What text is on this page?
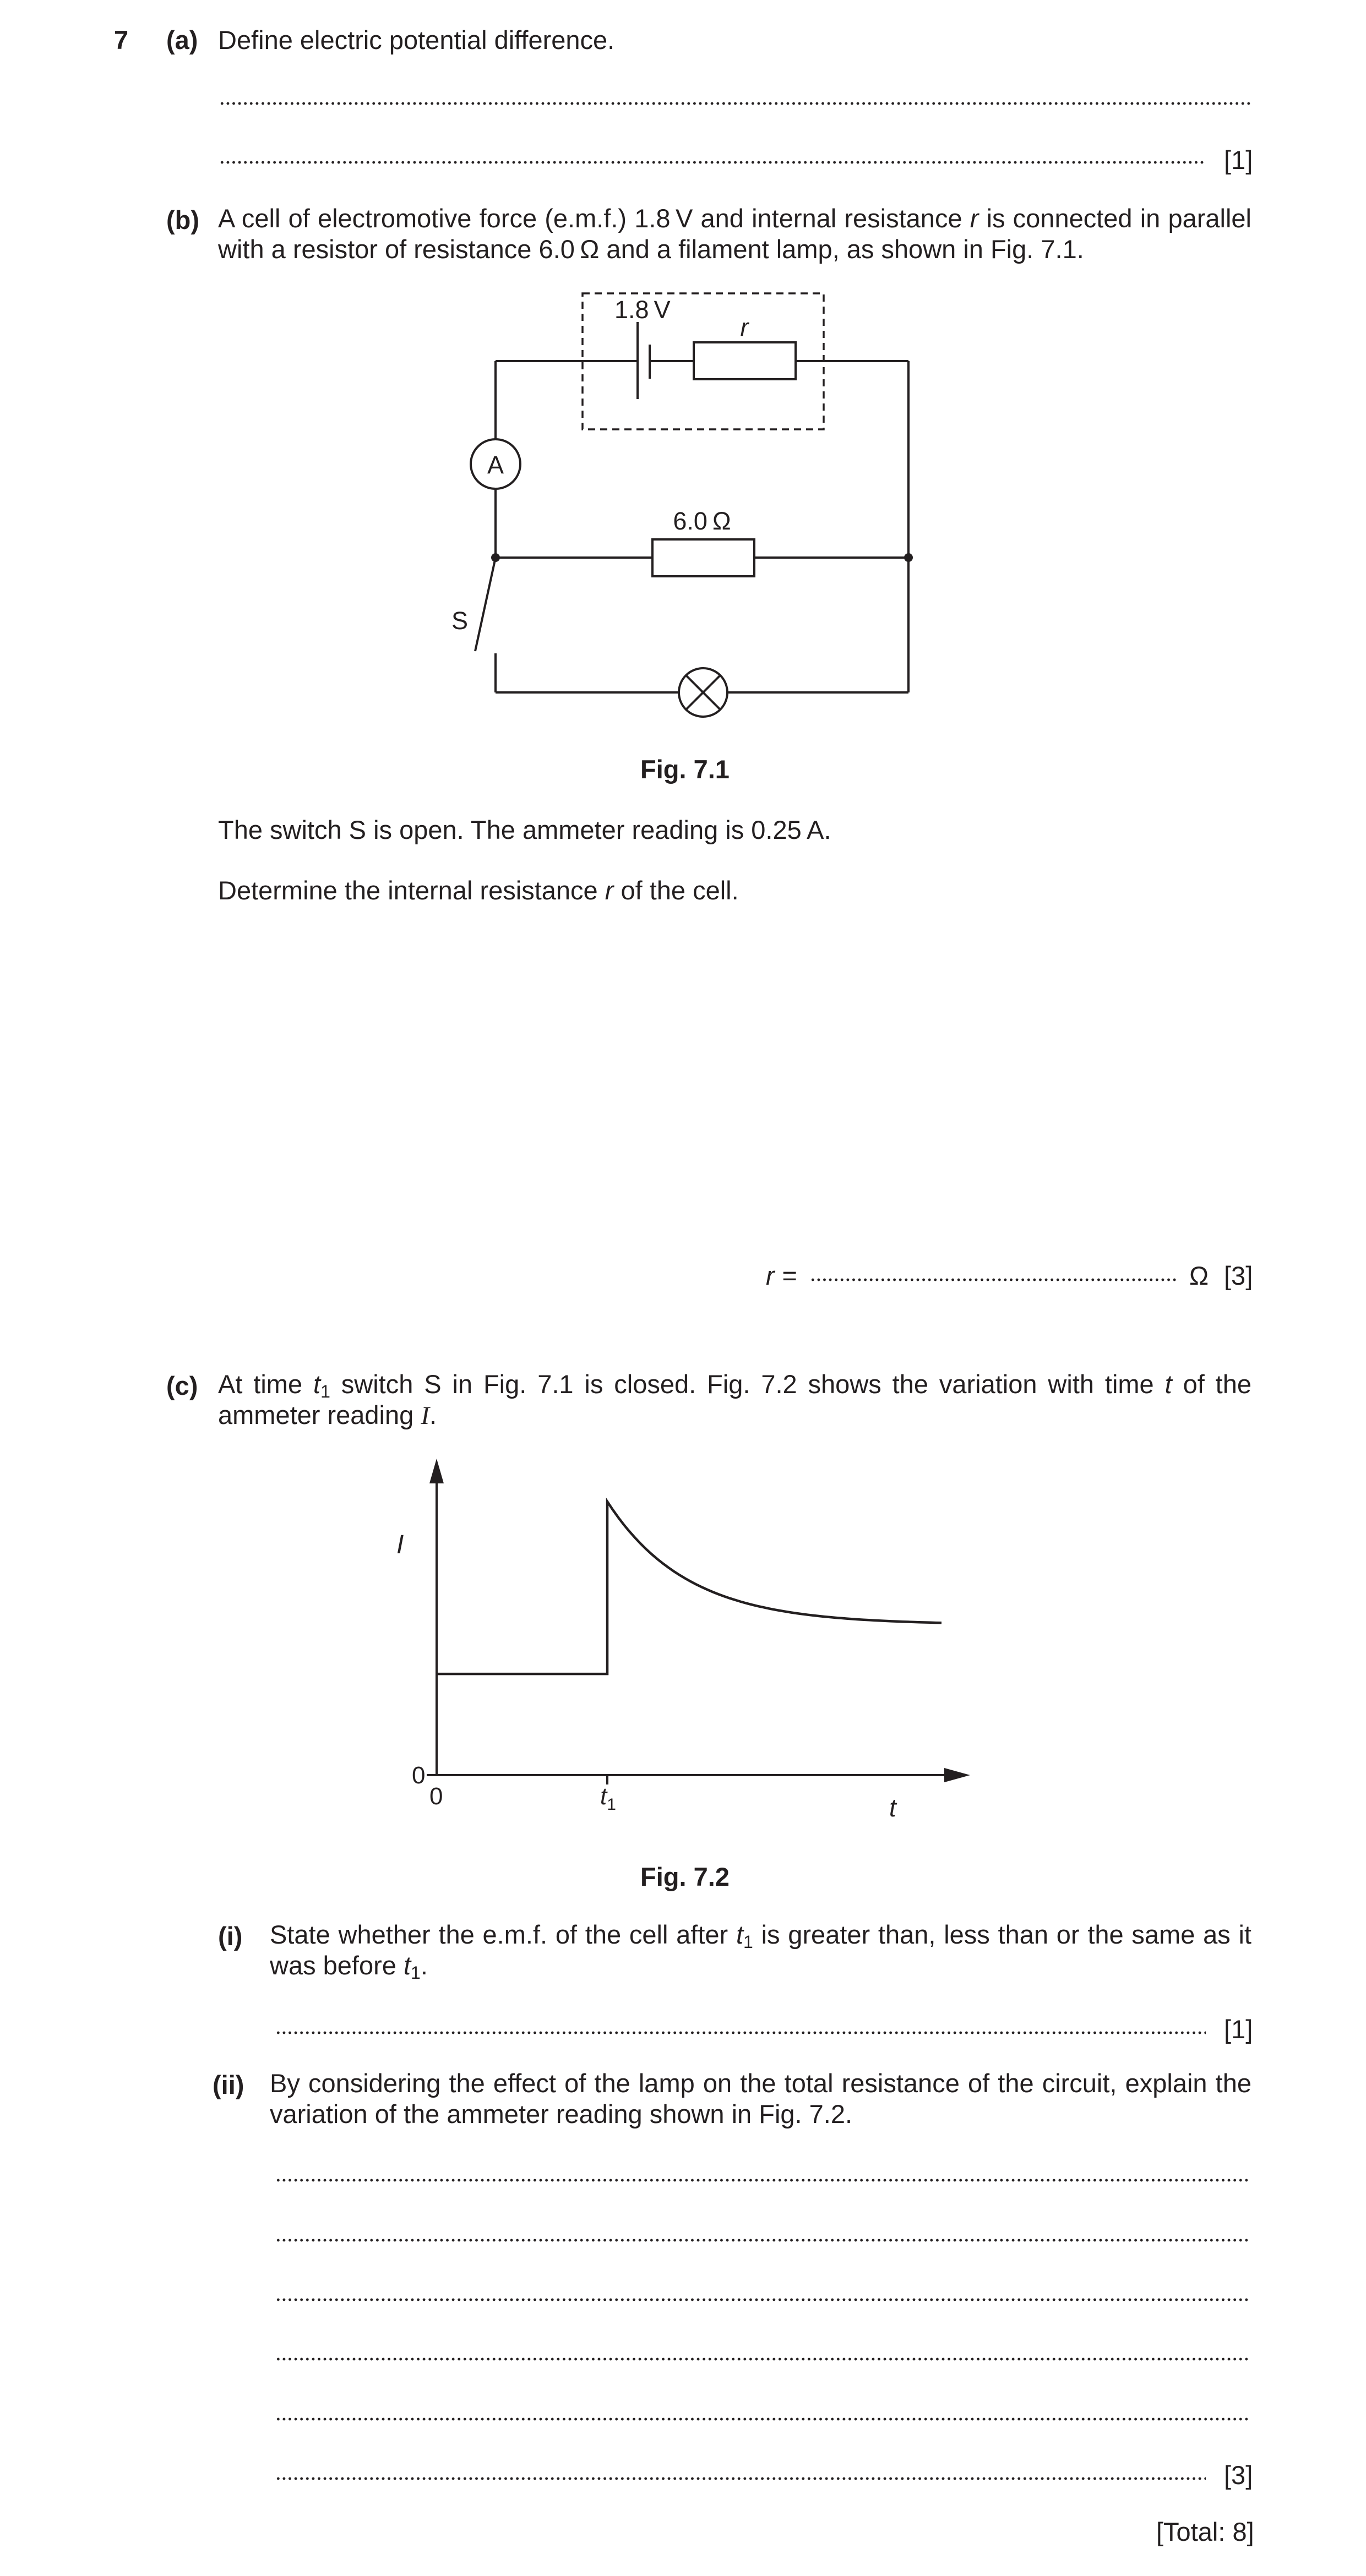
7 (a) Define electric potential difference.
[1]
(b) A cell of electromotive force (e.m.f.) 1.8 V and internal resistance r is connected in parallel with a resistor of resistance 6.0 Ω and a filament lamp, as shown in Fig. 7.1.
1.8 V
r
A
6.0 Ω
S
Fig. 7.1
The switch S is open. The ammeter reading is 0.25 A.
Determine the internal resistance r of the cell.
r =	Ω [3]
(c) At time $t_1$ switch S in Fig. 7.1 is closed. Fig. 7.2 shows the variation with time t of the ammeter reading I.
I
t
0
0	$t_1$
Fig. 7.2
(i) State whether the e.m.f. of the cell after $t_1$ is greater than, less than or the same as it was before $t_1$.
[1]
(ii) By considering the effect of the lamp on the total resistance of the circuit, explain the variation of the ammeter reading shown in Fig. 7.2.
[3]
[Total: 8]
